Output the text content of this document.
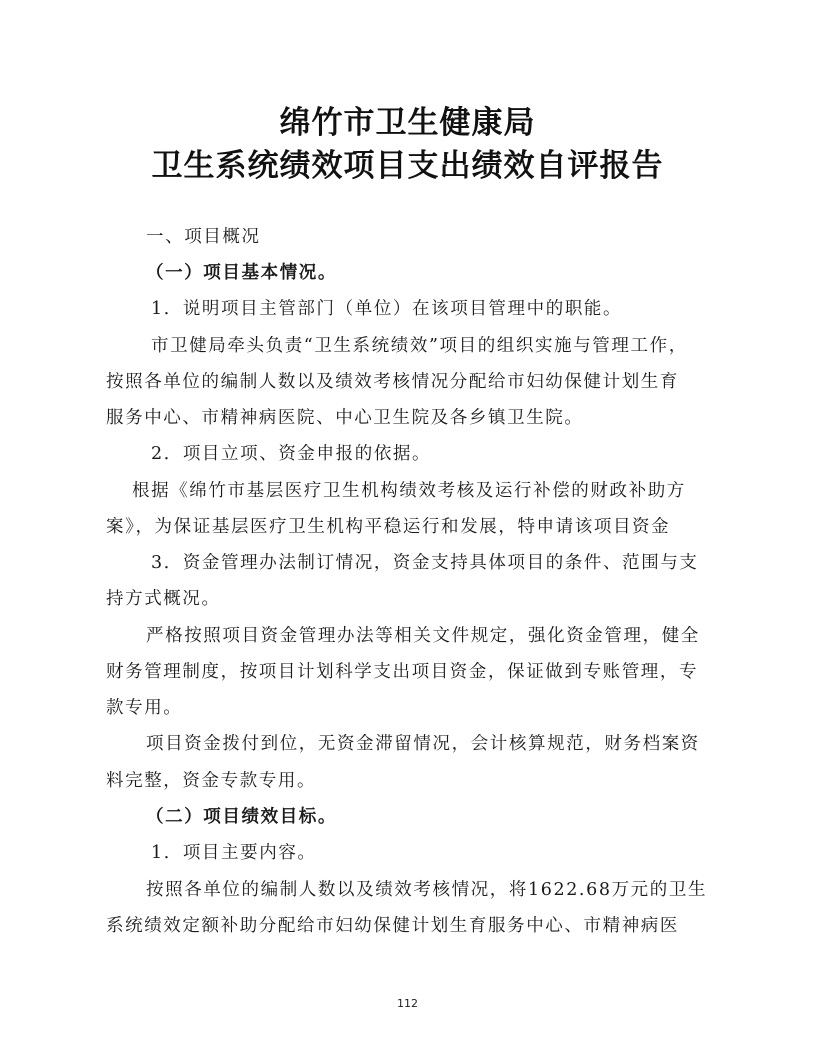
绵竹市卫生健康局
卫生系统绩效项目支出绩效自评报告
一、项目概况
（一）项目基本情况。
1．说明项目主管部门（单位）在该项目管理中的职能。
市卫健局牵头负责“卫生系统绩效”项目的组织实施与管理工作，
按照各单位的编制人数以及绩效考核情况分配给市妇幼保健计划生育
服务中心、市精神病医院、中心卫生院及各乡镇卫生院。
2．项目立项、资金申报的依据。
根据《绵竹市基层医疗卫生机构绩效考核及运行补偿的财政补助方
案》，为保证基层医疗卫生机构平稳运行和发展，特申请该项目资金
3．资金管理办法制订情况，资金支持具体项目的条件、范围与支
持方式概况。
严格按照项目资金管理办法等相关文件规定，强化资金管理，健全
财务管理制度，按项目计划科学支出项目资金，保证做到专账管理，专
款专用。
项目资金拨付到位，无资金滞留情况，会计核算规范，财务档案资
料完整，资金专款专用。
（二）项目绩效目标。
1．项目主要内容。
按照各单位的编制人数以及绩效考核情况，将1622.68万元的卫生
系统绩效定额补助分配给市妇幼保健计划生育服务中心、市精神病医
112
